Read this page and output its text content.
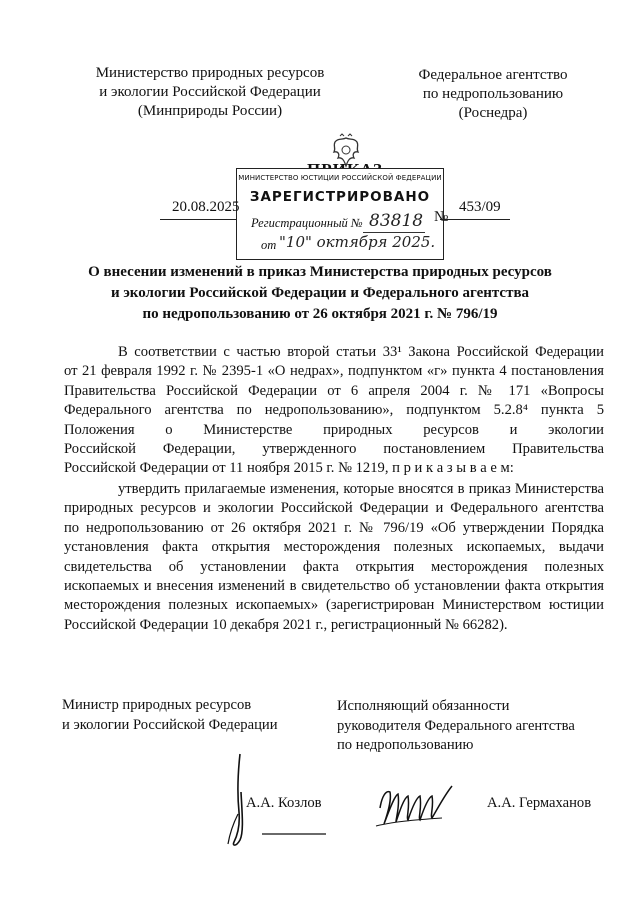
Министерство природных ресурсов
и экологии Российской Федерации
(Минприроды России)
Федеральное агентство
по недропользованию
(Роснедра)
МИНИСТЕРСТВО ЮСТИЦИИ РОССИЙСКОЙ ФЕДЕРАЦИИ
ЗАРЕГИСТРИРОВАНО
Регистрационный № 83818
от "10" октября 2025.
20.08.2025
№
453/09
О внесении изменений в приказ Министерства природных ресурсов
и экологии Российской Федерации и Федерального агентства
по недропользованию от 26 октября 2021 г. № 796/19
В соответствии с частью второй статьи 33¹ Закона Российской Федерации
от 21 февраля 1992 г. № 2395-1 «О недрах», подпунктом «г» пункта 4 постановления
Правительства Российской Федерации от 6 апреля 2004 г. № 171 «Вопросы
Федерального агентства по недропользованию», подпунктом 5.2.8⁴ пункта 5
Положения о Министерстве природных ресурсов и экологии
Российской Федерации, утвержденного постановлением Правительства
Российской Федерации от 11 ноября 2015 г. № 1219, п р и к а з ы в а е м:
утвердить прилагаемые изменения, которые вносятся в приказ Министерства
природных ресурсов и экологии Российской Федерации и Федерального агентства
по недропользованию от 26 октября 2021 г. № 796/19 «Об утверждении Порядка
установления факта открытия месторождения полезных ископаемых, выдачи
свидетельства об установлении факта открытия месторождения полезных
ископаемых и внесения изменений в свидетельство об установлении факта открытия
месторождения полезных ископаемых» (зарегистрирован Министерством юстиции
Российской Федерации 10 декабря 2021 г., регистрационный № 66282).
Министр природных ресурсов
и экологии Российской Федерации
Исполняющий обязанности
руководителя Федерального агентства
по недропользованию
А.А. Козлов	А.А. Гермаханов
